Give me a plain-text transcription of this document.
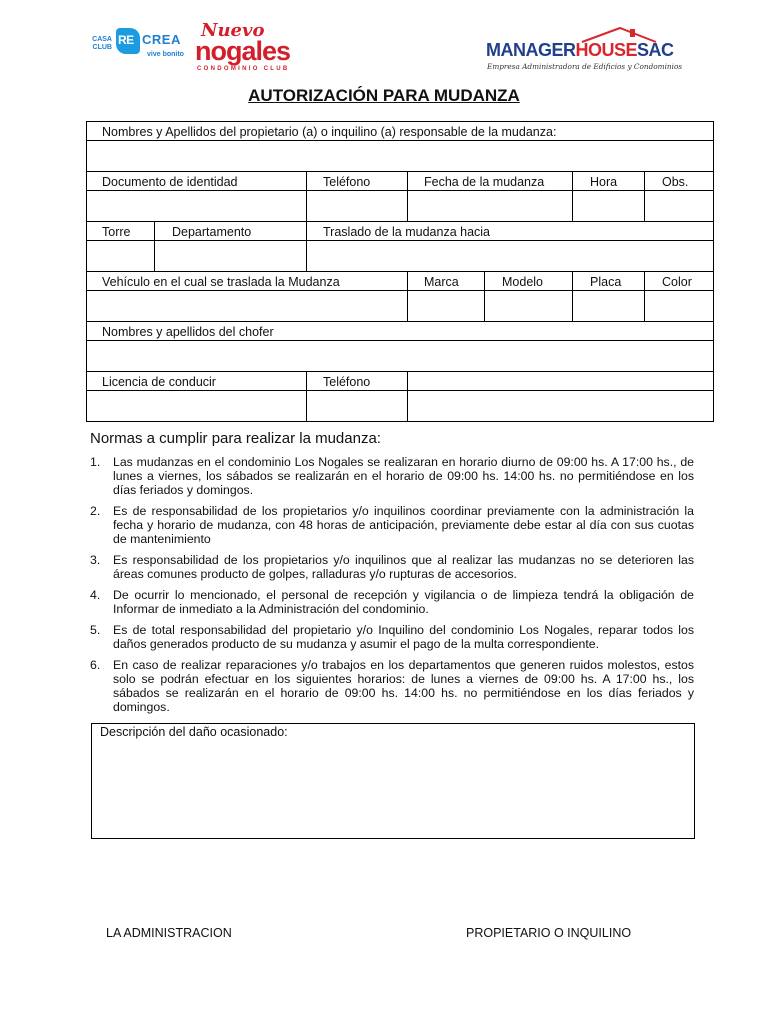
CASA
CLUB
RE CREA
vive bonito
Nuevo
nogales
CONDOMINIO CLUB
MANAGERHOUSESAC
Empresa Administradora de Edificios y Condominios
AUTORIZACIÓN PARA MUDANZA
Nombres y Apellidos del propietario (a) o inquilino (a) responsable de la mudanza:
Documento de identidad	Teléfono	Fecha de la mudanza	Hora	Obs.
Torre	Departamento	Traslado de la mudanza hacia
Vehículo en el cual se traslada la Mudanza	Marca	Modelo	Placa	Color
Nombres y apellidos del chofer
Licencia de conducir	Teléfono
Normas a cumplir para realizar la mudanza:
1. Las mudanzas en el condominio Los Nogales se realizaran en horario diurno de 09:00 hs. A 17:00 hs., de lunes a viernes, los sábados se realizarán en el horario de 09:00 hs. 14:00 hs. no permitiéndose en los días feriados y domingos.
2. Es de responsabilidad de los propietarios y/o inquilinos coordinar previamente con la administración la fecha y horario de mudanza, con 48 horas de anticipación, previamente debe estar al día con sus cuotas de mantenimiento
3. Es responsabilidad de los propietarios y/o inquilinos que al realizar las mudanzas no se deterioren las áreas comunes producto de golpes, ralladuras y/o rupturas de accesorios.
4. De ocurrir lo mencionado, el personal de recepción y vigilancia o de limpieza tendrá la obligación de Informar de inmediato a la Administración del condominio.
5. Es de total responsabilidad del propietario y/o Inquilino del condominio Los Nogales, reparar todos los daños generados producto de su mudanza y asumir el pago de la multa correspondiente.
6. En caso de realizar reparaciones y/o trabajos en los departamentos que generen ruidos molestos, estos solo se podrán efectuar en los siguientes horarios: de lunes a viernes de 09:00 hs. A 17:00 hs., los sábados se realizarán en el horario de 09:00 hs. 14:00 hs. no permitiéndose en los días feriados y domingos.
Descripción del daño ocasionado:
LA ADMINISTRACION	PROPIETARIO O INQUILINO
